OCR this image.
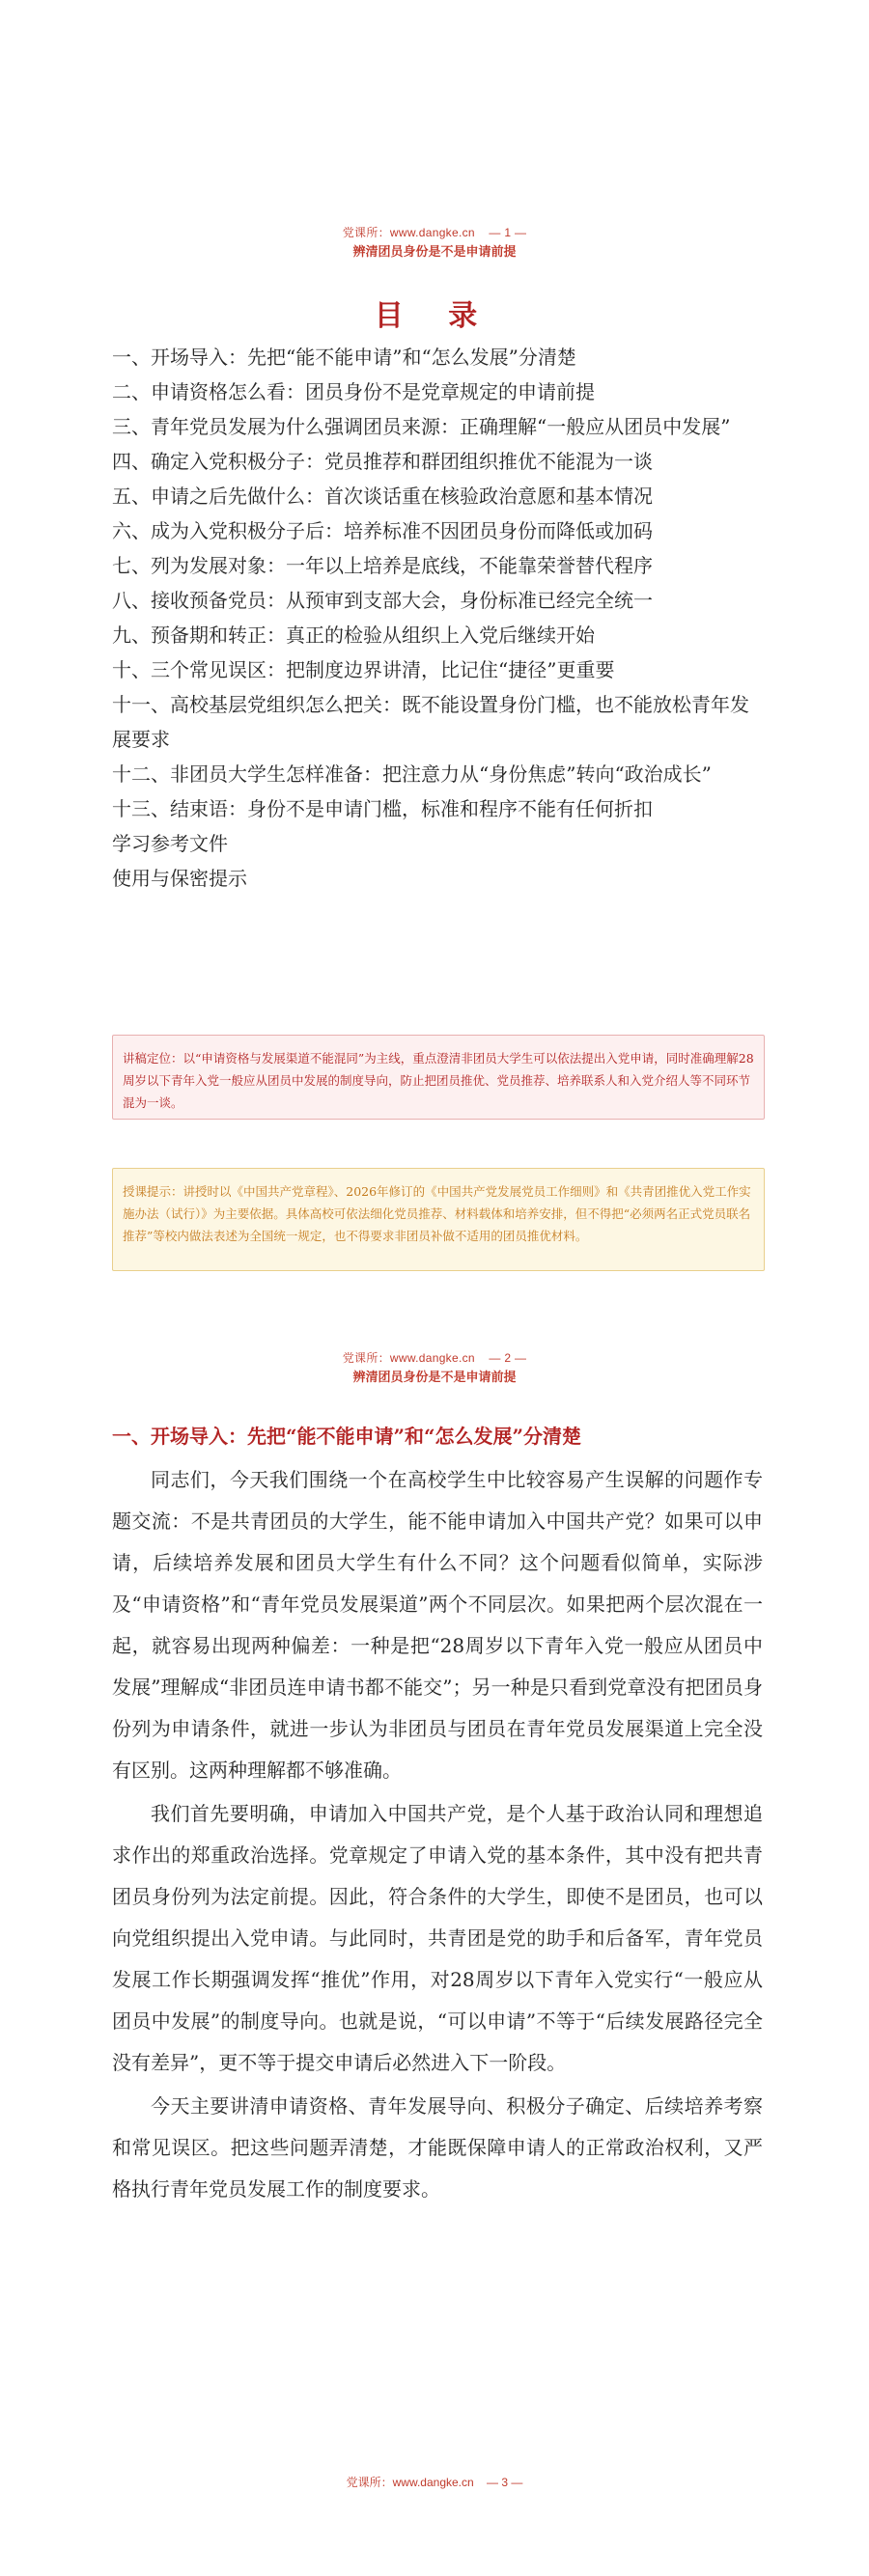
党课所：www.dangke.cn — 1 —
辨清团员身份是不是申请前提
目 录

一、开场导入：先把“能不能申请”和“怎么发展”分清楚

二、申请资格怎么看：团员身份不是党章规定的申请前提

三、青年党员发展为什么强调团员来源：正确理解“一般应从团员中发展”

四、确定入党积极分子：党员推荐和群团组织推优不能混为一谈

五、申请之后先做什么：首次谈话重在核验政治意愿和基本情况

六、成为入党积极分子后：培养标准不因团员身份而降低或加码

七、列为发展对象：一年以上培养是底线，不能靠荣誉替代程序

八、接收预备党员：从预审到支部大会，身份标准已经完全统一

九、预备期和转正：真正的检验从组织上入党后继续开始

十、三个常见误区：把制度边界讲清，比记住“捷径”更重要

十一、高校基层党组织怎么把关：既不能设置身份门槛，也不能放松青年发展要求

十二、非团员大学生怎样准备：把注意力从“身份焦虑”转向“政治成长”

十三、结束语：身份不是申请门槛，标准和程序不能有任何折扣

学习参考文件

使用与保密提示

讲稿定位：以“申请资格与发展渠道不能混同”为主线，重点澄清非团员大学生可以依法提出入党申请，同时准确理解28周岁以下青年入党一般应从团员中发展的制度导向，防止把团员推优、党员推荐、培养联系人和入党介绍人等不同环节混为一谈。
授课提示：讲授时以《中国共产党章程》、2026年修订的《中国共产党发展党员工作细则》和《共青团推优入党工作实施办法（试行）》为主要依据。具体高校可依法细化党员推荐、材料载体和培养安排，但不得把“必须两名正式党员联名推荐”等校内做法表述为全国统一规定，也不得要求非团员补做不适用的团员推优材料。
党课所：www.dangke.cn — 2 —
辨清团员身份是不是申请前提
一、开场导入：先把“能不能申请”和“怎么发展”分清楚

同志们，今天我们围绕一个在高校学生中比较容易产生误解的问题作专题交流：不是共青团员的大学生，能不能申请加入中国共产党？如果可以申请，后续培养发展和团员大学生有什么不同？这个问题看似简单，实际涉及“申请资格”和“青年党员发展渠道”两个不同层次。如果把两个层次混在一起，就容易出现两种偏差：一种是把“28周岁以下青年入党一般应从团员中发展”理解成“非团员连申请书都不能交”；另一种是只看到党章没有把团员身份列为申请条件，就进一步认为非团员与团员在青年党员发展渠道上完全没有区别。这两种理解都不够准确。

我们首先要明确，申请加入中国共产党，是个人基于政治认同和理想追求作出的郑重政治选择。党章规定了申请入党的基本条件，其中没有把共青团员身份列为法定前提。因此，符合条件的大学生，即使不是团员，也可以向党组织提出入党申请。与此同时，共青团是党的助手和后备军，青年党员发展工作长期强调发挥“推优”作用，对28周岁以下青年入党实行“一般应从团员中发展”的制度导向。也就是说，“可以申请”不等于“后续发展路径完全没有差异”，更不等于提交申请后必然进入下一阶段。

今天主要讲清申请资格、青年发展导向、积极分子确定、后续培养考察和常见误区。把这些问题弄清楚，才能既保障申请人的正常政治权利，又严格执行青年党员发展工作的制度要求。

党课所：www.dangke.cn    — 3 —
